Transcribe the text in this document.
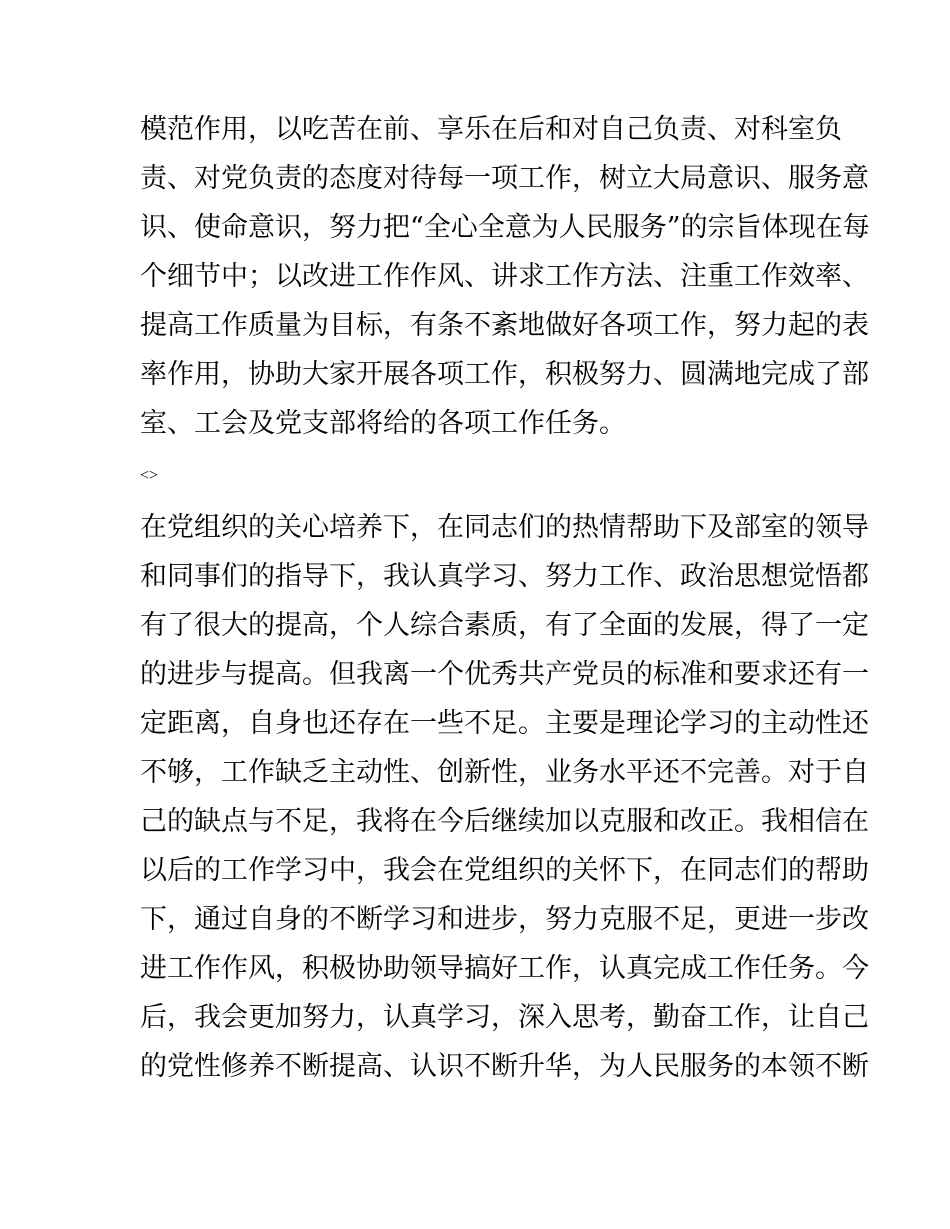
模范作用，以吃苦在前、享乐在后和对自己负责、对科室负
责、对党负责的态度对待每一项工作，树立大局意识、服务意
识、使命意识，努力把“全心全意为人民服务”的宗旨体现在每
个细节中；以改进工作作风、讲求工作方法、注重工作效率、
提高工作质量为目标，有条不紊地做好各项工作，努力起的表
率作用，协助大家开展各项工作，积极努力、圆满地完成了部
室、工会及党支部将给的各项工作任务。
<>
在党组织的关心培养下，在同志们的热情帮助下及部室的领导
和同事们的指导下，我认真学习、努力工作、政治思想觉悟都
有了很大的提高，个人综合素质，有了全面的发展，得了一定
的进步与提高。但我离一个优秀共产党员的标准和要求还有一
定距离，自身也还存在一些不足。主要是理论学习的主动性还
不够，工作缺乏主动性、创新性，业务水平还不完善。对于自
己的缺点与不足，我将在今后继续加以克服和改正。我相信在
以后的工作学习中，我会在党组织的关怀下，在同志们的帮助
下，通过自身的不断学习和进步，努力克服不足，更进一步改
进工作作风，积极协助领导搞好工作，认真完成工作任务。今
后，我会更加努力，认真学习，深入思考，勤奋工作，让自己
的党性修养不断提高、认识不断升华，为人民服务的本领不断
